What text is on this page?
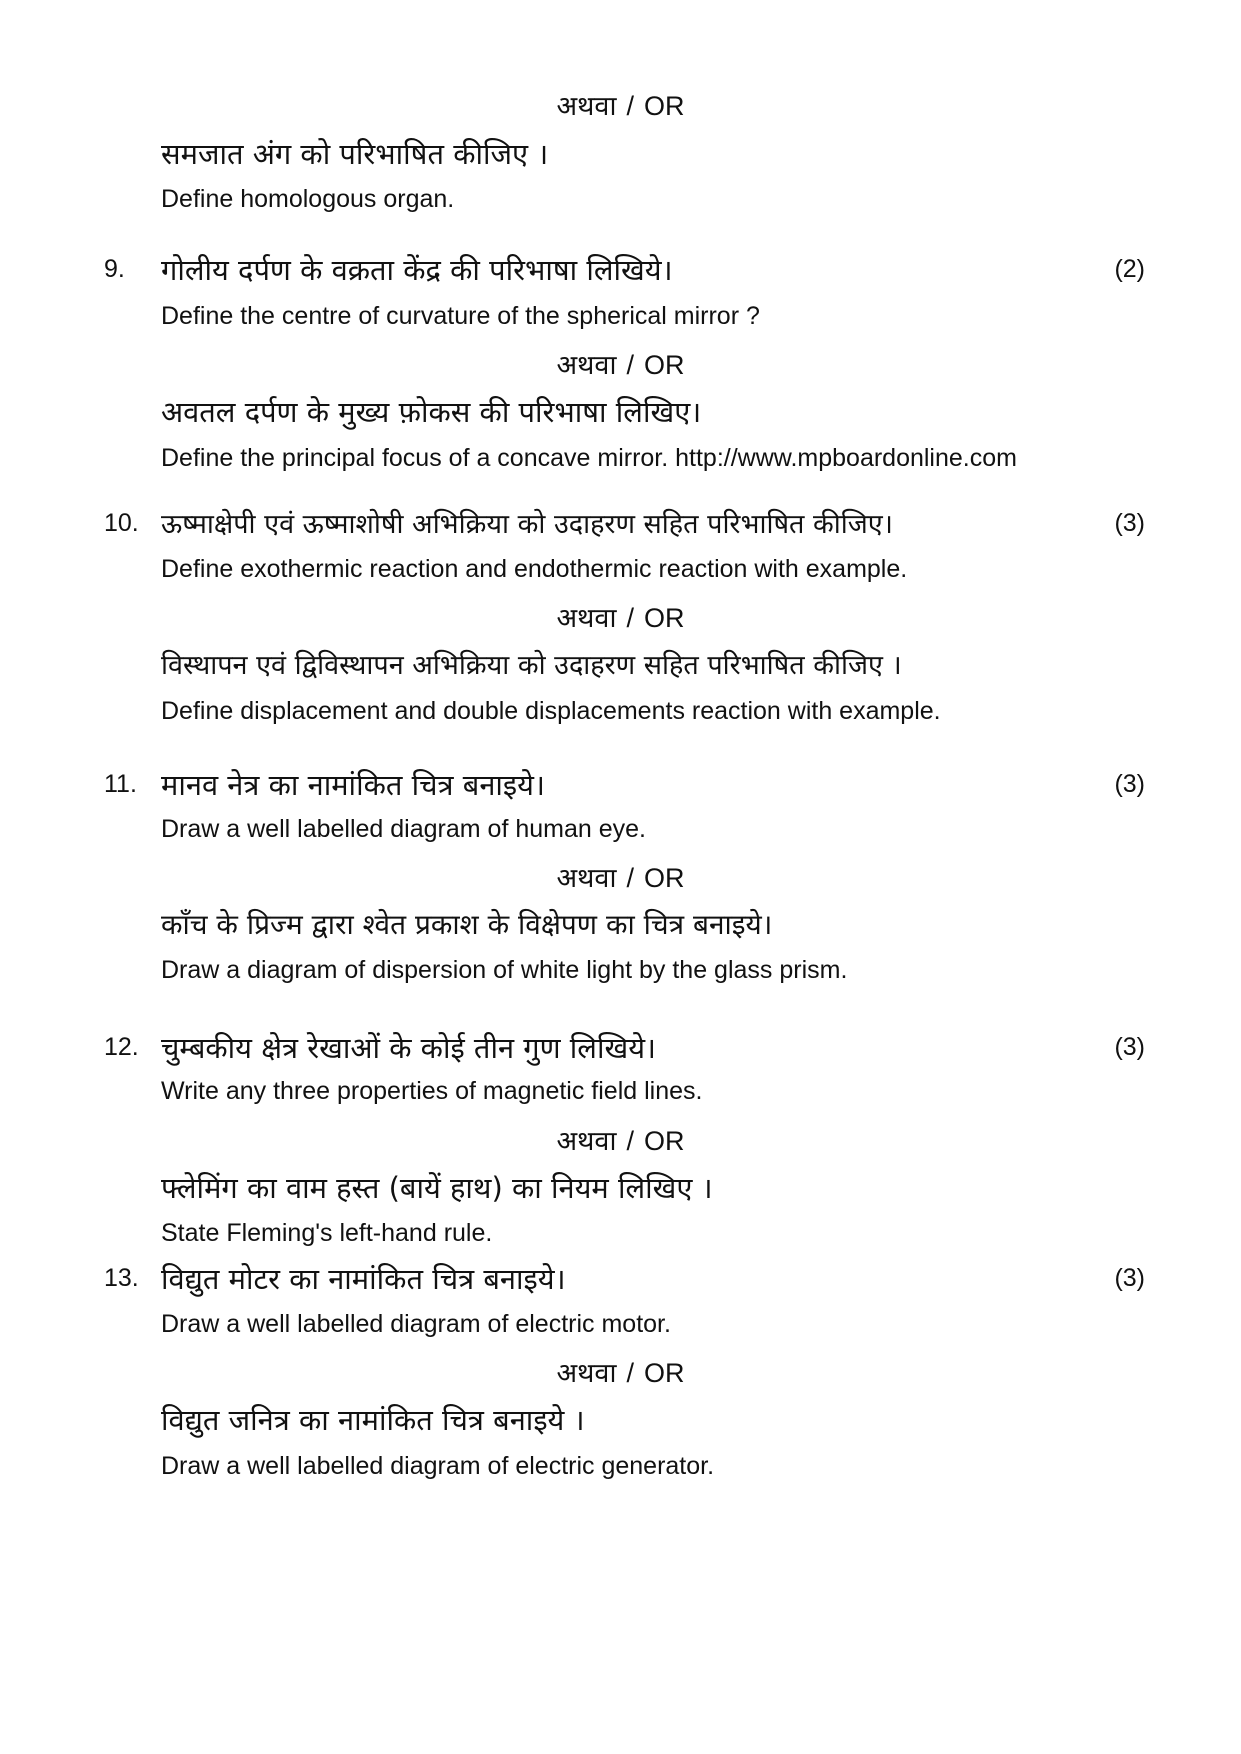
अथवा / OR
समजात अंग को परिभाषित कीजिए ।
Define homologous organ.
9. गोलीय दर्पण के वक्रता केंद्र की परिभाषा लिखिये।	(2)
Define the centre of curvature of the spherical mirror ?
अथवा / OR
अवतल दर्पण के मुख्य फ़ोकस की परिभाषा लिखिए।
Define the principal focus of a concave mirror. http://www.mpboardonline.com
10. ऊष्माक्षेपी एवं ऊष्माशोषी अभिक्रिया को उदाहरण सहित परिभाषित कीजिए।	(3)
Define exothermic reaction and endothermic reaction with example.
अथवा / OR
विस्थापन एवं द्विविस्थापन अभिक्रिया को उदाहरण सहित परिभाषित कीजिए ।
Define displacement and double displacements reaction with example.
11. मानव नेत्र का नामांकित चित्र बनाइये।	(3)
Draw a well labelled diagram of human eye.
अथवा / OR
काँच के प्रिज्म द्वारा श्वेत प्रकाश के विक्षेपण का चित्र बनाइये।
Draw a diagram of dispersion of white light by the glass prism.
12. चुम्बकीय क्षेत्र रेखाओं के कोई तीन गुण लिखिये।	(3)
Write any three properties of magnetic field lines.
अथवा / OR
फ्लेमिंग का वाम हस्त (बायें हाथ) का नियम लिखिए ।
State Fleming's left-hand rule.
13. विद्युत मोटर का नामांकित चित्र बनाइये।	(3)
Draw a well labelled diagram of electric motor.
अथवा / OR
विद्युत जनित्र का नामांकित चित्र बनाइये ।
Draw a well labelled diagram of electric generator.
